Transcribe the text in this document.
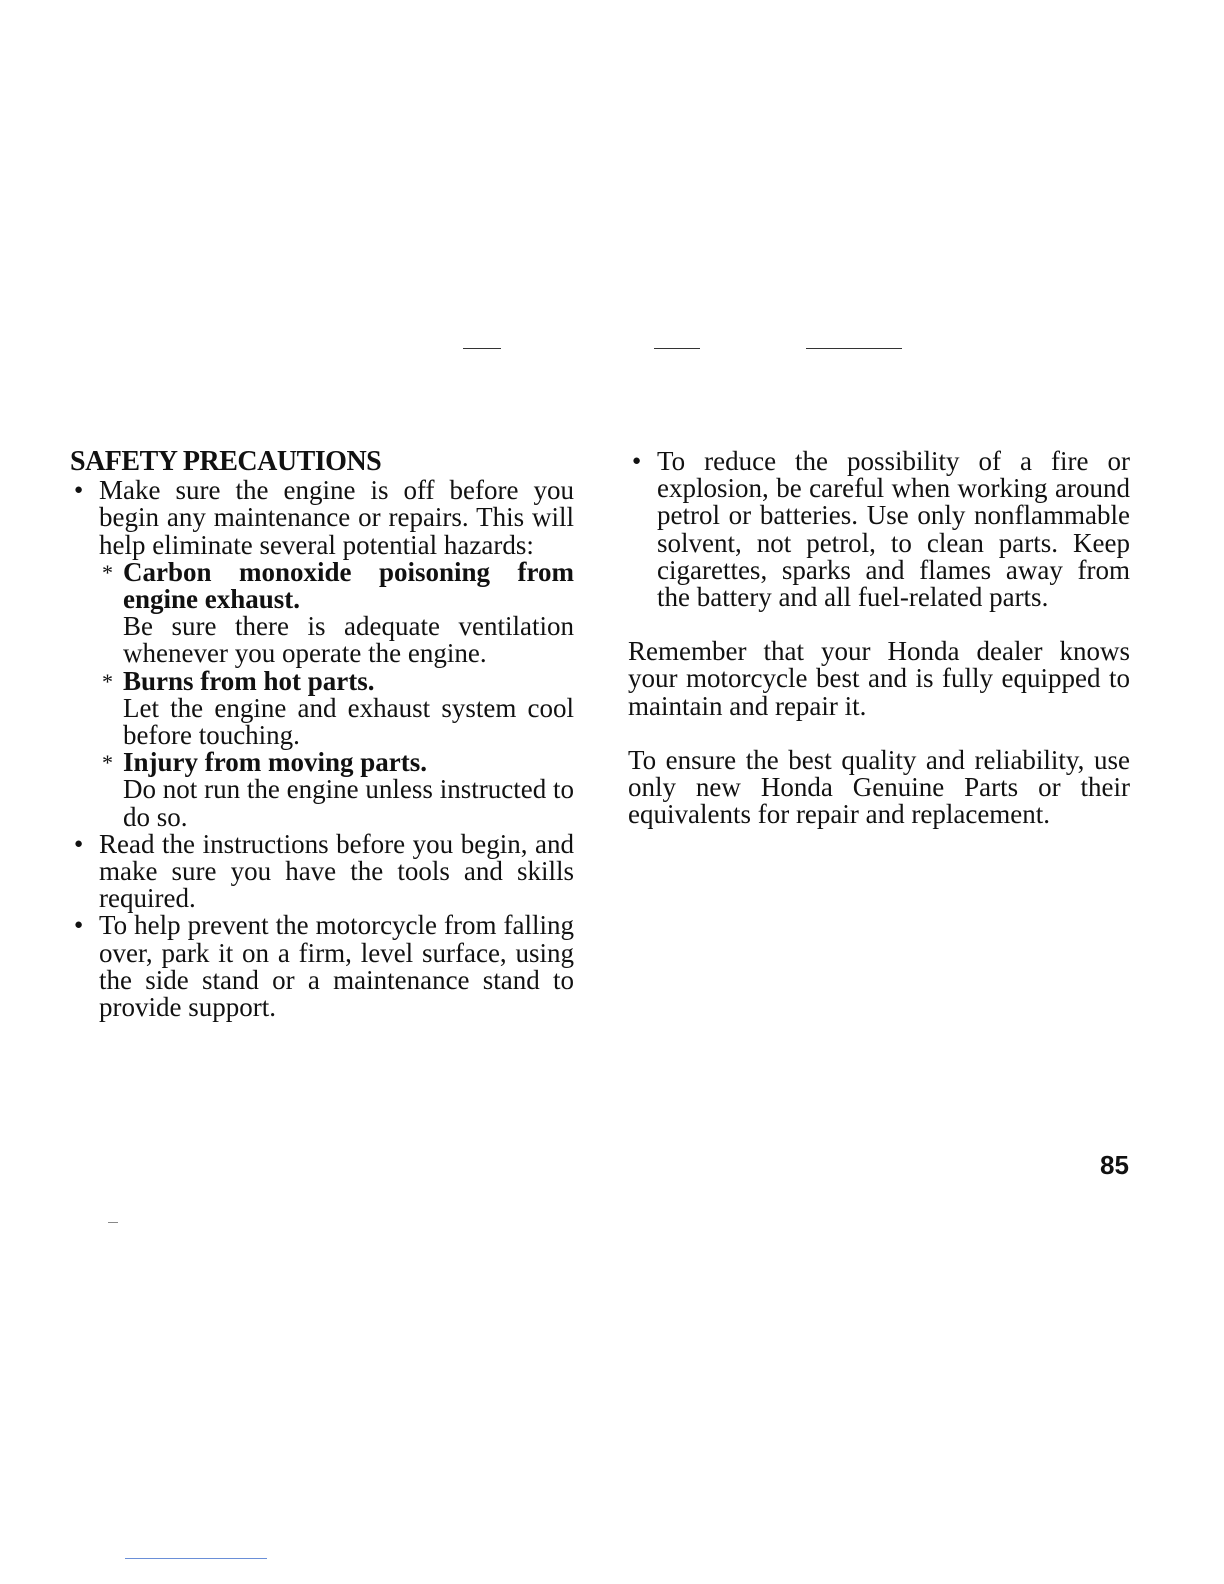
SAFETY PRECAUTIONS

● Make sure the engine is off before you begin any maintenance or repairs. This will help eliminate several potential hazards:

* Carbon monoxide poisoning from engine exhaust.
Be sure there is adequate ventilation whenever you operate the engine.
* Burns from hot parts.
Let the engine and exhaust system cool before touching.
* Injury from moving parts.
Do not run the engine unless instructed to do so.

● Read the instructions before you begin, and make sure you have the tools and skills required.

● To help prevent the motorcycle from falling over, park it on a firm, level surface, using the side stand or a maintenance stand to provide support.

● To reduce the possibility of a fire or explosion, be careful when working around petrol or batteries. Use only nonflammable solvent, not petrol, to clean parts. Keep cigarettes, sparks and flames away from the battery and all fuel-related parts.

Remember that your Honda dealer knows your motorcycle best and is fully equipped to maintain and repair it.

To ensure the best quality and reliability, use only new Honda Genuine Parts or their equivalents for repair and replacement.

85
